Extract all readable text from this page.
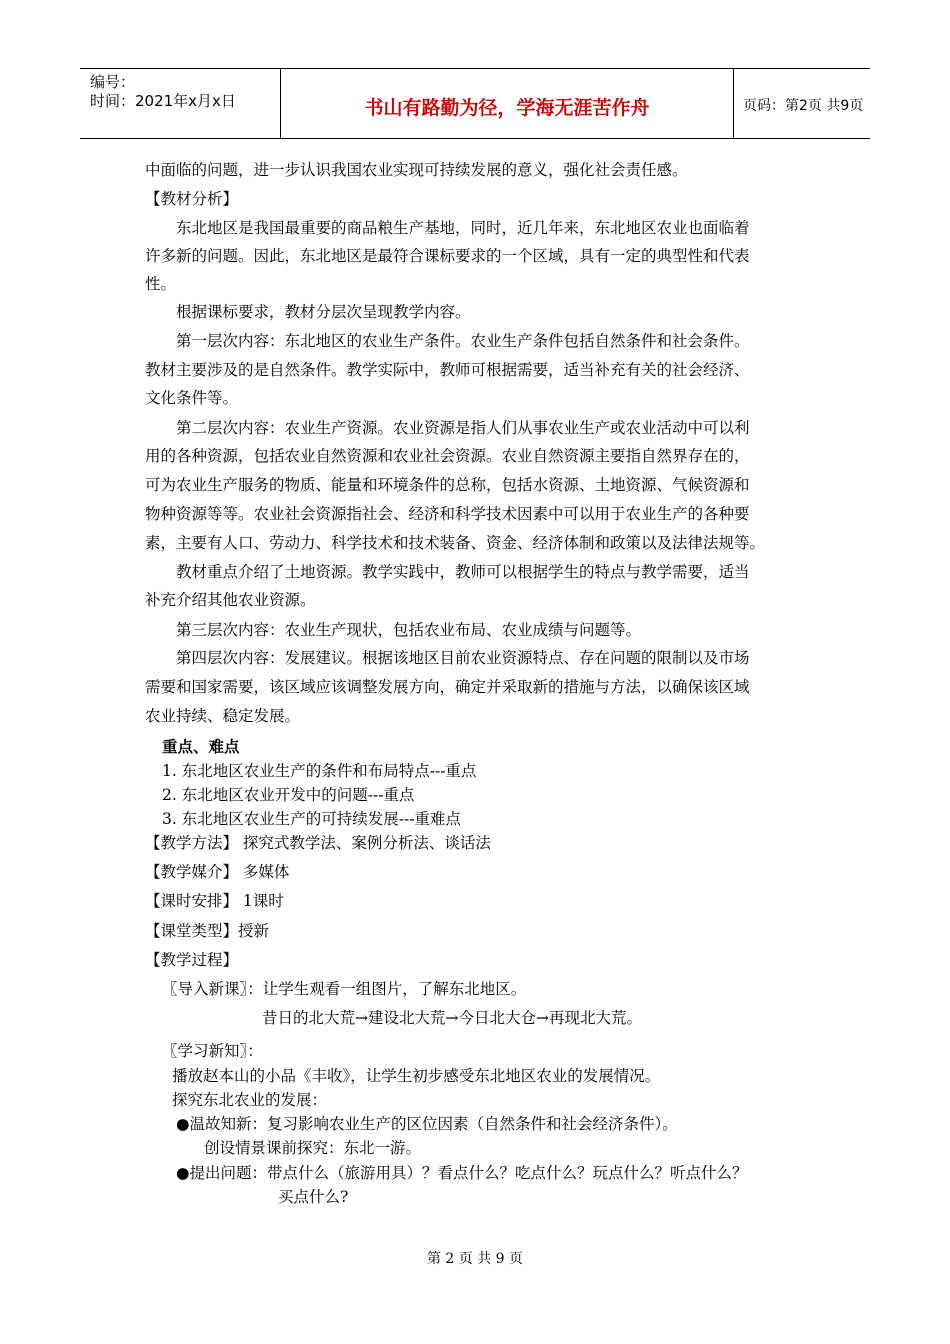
编号：
时间：2021年x月x日	书山有路勤为径，学海无涯苦作舟	页码：第2页 共9页
中面临的问题，进一步认识我国农业实现可持续发展的意义，强化社会责任感。
【教材分析】
东北地区是我国最重要的商品粮生产基地，同时，近几年来，东北地区农业也面临着
许多新的问题。因此，东北地区是最符合课标要求的一个区域，具有一定的典型性和代表
性。
根据课标要求，教材分层次呈现教学内容。
第一层次内容：东北地区的农业生产条件。农业生产条件包括自然条件和社会条件。
教材主要涉及的是自然条件。教学实际中，教师可根据需要，适当补充有关的社会经济、
文化条件等。
第二层次内容：农业生产资源。农业资源是指人们从事农业生产或农业活动中可以利
用的各种资源，包括农业自然资源和农业社会资源。农业自然资源主要指自然界存在的，
可为农业生产服务的物质、能量和环境条件的总称，包括水资源、土地资源、气候资源和
物种资源等等。农业社会资源指社会、经济和科学技术因素中可以用于农业生产的各种要
素，主要有人口、劳动力、科学技术和技术装备、资金、经济体制和政策以及法律法规等。
教材重点介绍了土地资源。教学实践中，教师可以根据学生的特点与教学需要，适当
补充介绍其他农业资源。
第三层次内容：农业生产现状，包括农业布局、农业成绩与问题等。
第四层次内容：发展建议。根据该地区目前农业资源特点、存在问题的限制以及市场
需要和国家需要，该区域应该调整发展方向，确定并采取新的措施与方法，以确保该区域
农业持续、稳定发展。
重点、难点
1. 东北地区农业生产的条件和布局特点---重点
2. 东北地区农业开发中的问题---重点
3. 东北地区农业生产的可持续发展---重难点
【教学方法】 探究式教学法、案例分析法、谈话法
【教学媒介】 多媒体
【课时安排】 1课时
【课堂类型】授新
【教学过程】
〖导入新课〗：让学生观看一组图片，了解东北地区。
昔日的北大荒→建设北大荒→今日北大仓→再现北大荒。
〖学习新知〗：
播放赵本山的小品《丰收》，让学生初步感受东北地区农业的发展情况。
探究东北农业的发展：
●温故知新：复习影响农业生产的区位因素（自然条件和社会经济条件）。
创设情景课前探究：东北一游。
●提出问题：带点什么（旅游用具）？看点什么？吃点什么？玩点什么？听点什么？
买点什么?
第 2 页 共 9 页
